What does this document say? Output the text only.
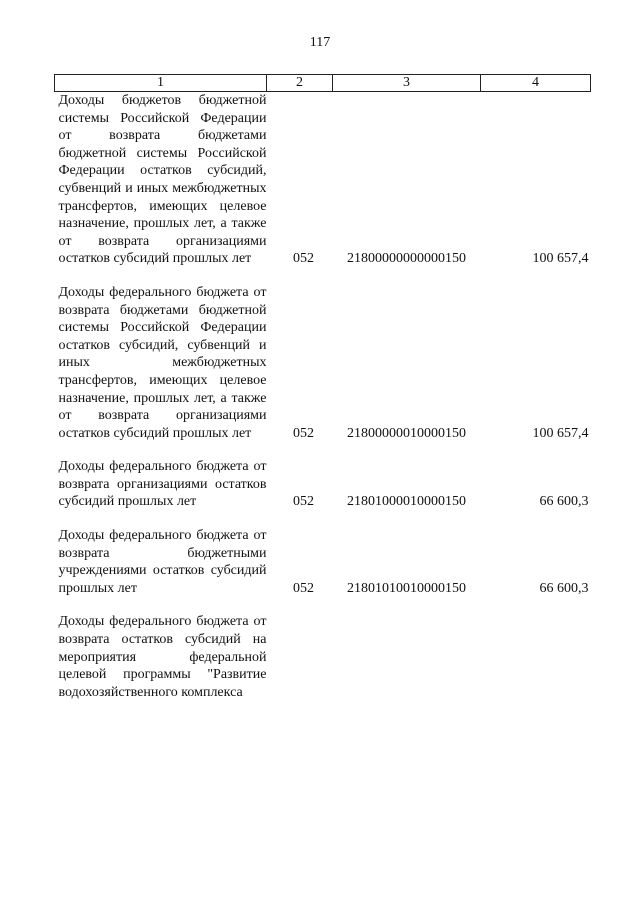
117
1	2	3	4

Доходы бюджетов бюджетной системы Российской Федерации от возврата бюджетами бюджетной системы Российской Федерации остатков субсидий, субвенций и иных межбюджетных трансфертов, имеющих целевое назначение, прошлых лет, а также от возврата организациями остатков субсидий прошлых лет	052	21800000000000150	100 657,4

Доходы федерального бюджета от возврата бюджетами бюджетной системы Российской Федерации остатков субсидий, субвенций и иных межбюджетных трансфертов, имеющих целевое назначение, прошлых лет, а также от возврата организациями остатков субсидий прошлых лет	052	21800000010000150	100 657,4

Доходы федерального бюджета от возврата организациями остатков субсидий прошлых лет	052	21801000010000150	66 600,3

Доходы федерального бюджета от возврата бюджетными учреждениями остатков субсидий прошлых лет	052	21801010010000150	66 600,3

Доходы федерального бюджета от возврата остатков субсидий на мероприятия федеральной целевой программы "Развитие водохозяйственного комплекса			
